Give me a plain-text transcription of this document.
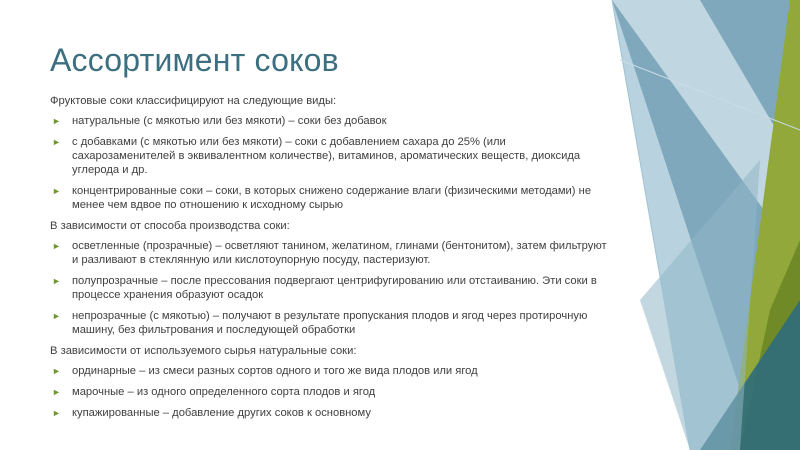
Ассортимент соков
Фруктовые соки классифицируют на следующие виды:
► натуральные (с мякотью или без мякоти) – соки без добавок
► с добавками (с мякотью или без мякоти) – соки с добавлением сахара до 25% (или сахарозаменителей в эквивалентном количестве), витаминов, ароматических веществ, диоксида углерода и др.
► концентрированные соки – соки, в которых снижено содержание влаги (физическими методами) не менее чем вдвое по отношению к исходному сырью
В зависимости от способа производства соки:
► осветленные (прозрачные) – осветляют танином, желатином, глинами (бентонитом), затем фильтруют и разливают в стеклянную или кислотоупорную посуду, пастеризуют.
► полупрозрачные – после прессования подвергают центрифугированию или отстаиванию. Эти соки в процессе хранения образуют осадок
► непрозрачные (с мякотью) – получают в результате пропускания плодов и ягод через протирочную машину, без фильтрования и последующей обработки
В зависимости от используемого сырья натуральные соки:
► ординарные – из смеси разных сортов одного и того же вида плодов или ягод
► марочные – из одного определенного сорта плодов и ягод
► купажированные – добавление других соков к основному
